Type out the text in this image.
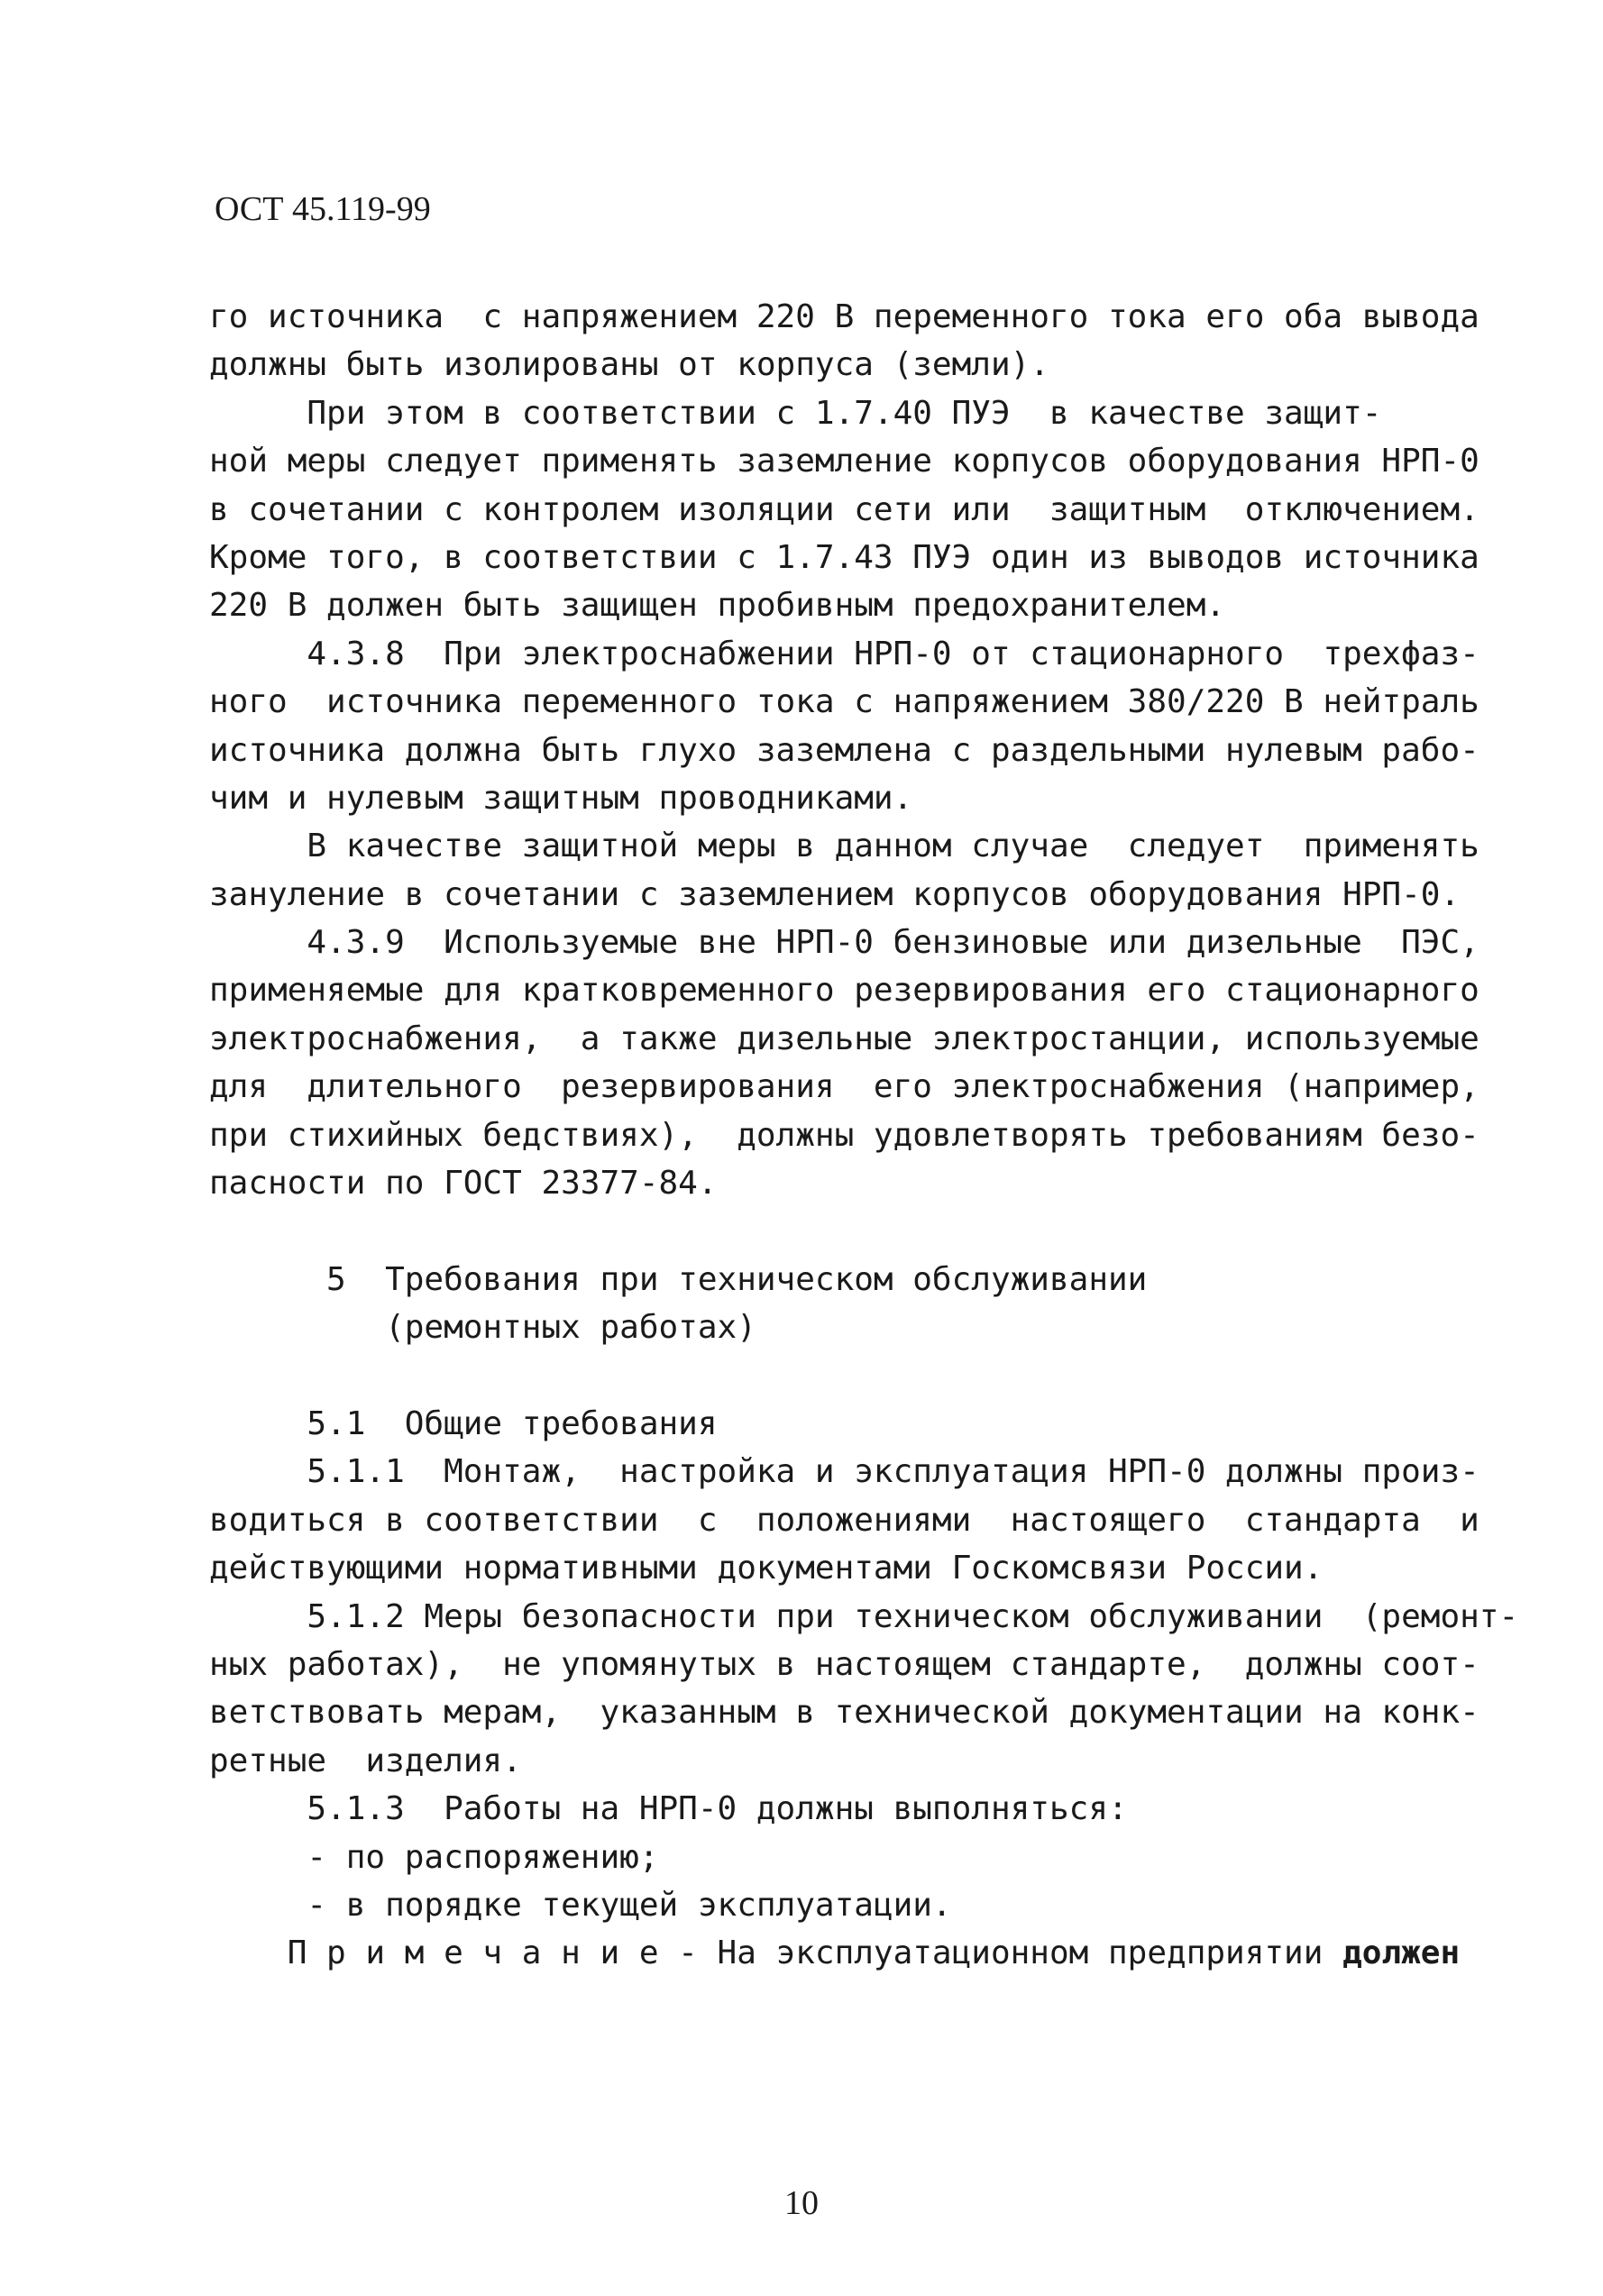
ОСТ 45.119-99
го источника  с напряжением 220 В переменного тока его оба вывода
должны быть изолированы от корпуса (земли).
При этом в соответствии с 1.7.40 ПУЭ  в качестве защит-
ной меры следует применять заземление корпусов оборудования НРП-0
в сочетании с контролем изоляции сети или  защитным  отключением.
Кроме того, в соответствии с 1.7.43 ПУЭ один из выводов источника
220 В должен быть защищен пробивным предохранителем.
4.3.8  При электроснабжении НРП-0 от стационарного  трехфаз-
ного  источника переменного тока с напряжением 380/220 В нейтраль
источника должна быть глухо заземлена с раздельными нулевым рабо-
чим и нулевым защитным проводниками.
В качестве защитной меры в данном случае  следует  применять
зануление в сочетании с заземлением корпусов оборудования НРП-0.
4.3.9  Используемые вне НРП-0 бензиновые или дизельные  ПЭС,
применяемые для кратковременного резервирования его стационарного
электроснабжения,  а также дизельные электростанции, используемые
для  длительного  резервирования  его электроснабжения (например,
при стихийных бедствиях),  должны удовлетворять требованиям безо-
пасности по ГОСТ 23377-84.
5  Требования при техническом обслуживании
(ремонтных работах)
5.1  Общие требования
5.1.1  Монтаж,  настройка и эксплуатация НРП-0 должны произ-
водиться в соответствии  с  положениями  настоящего  стандарта  и
действующими нормативными документами Госкомсвязи России.
5.1.2 Меры безопасности при техническом обслуживании  (ремонт-
ных работах),  не упомянутых в настоящем стандарте,  должны соот-
ветствовать мерам,  указанным в технической документации на конк-
ретные  изделия.
5.1.3  Работы на НРП-0 должны выполняться:
- по распоряжению;
- в порядке текущей эксплуатации.
П р и м е ч а н и е - На эксплуатационном предприятии должен
10
